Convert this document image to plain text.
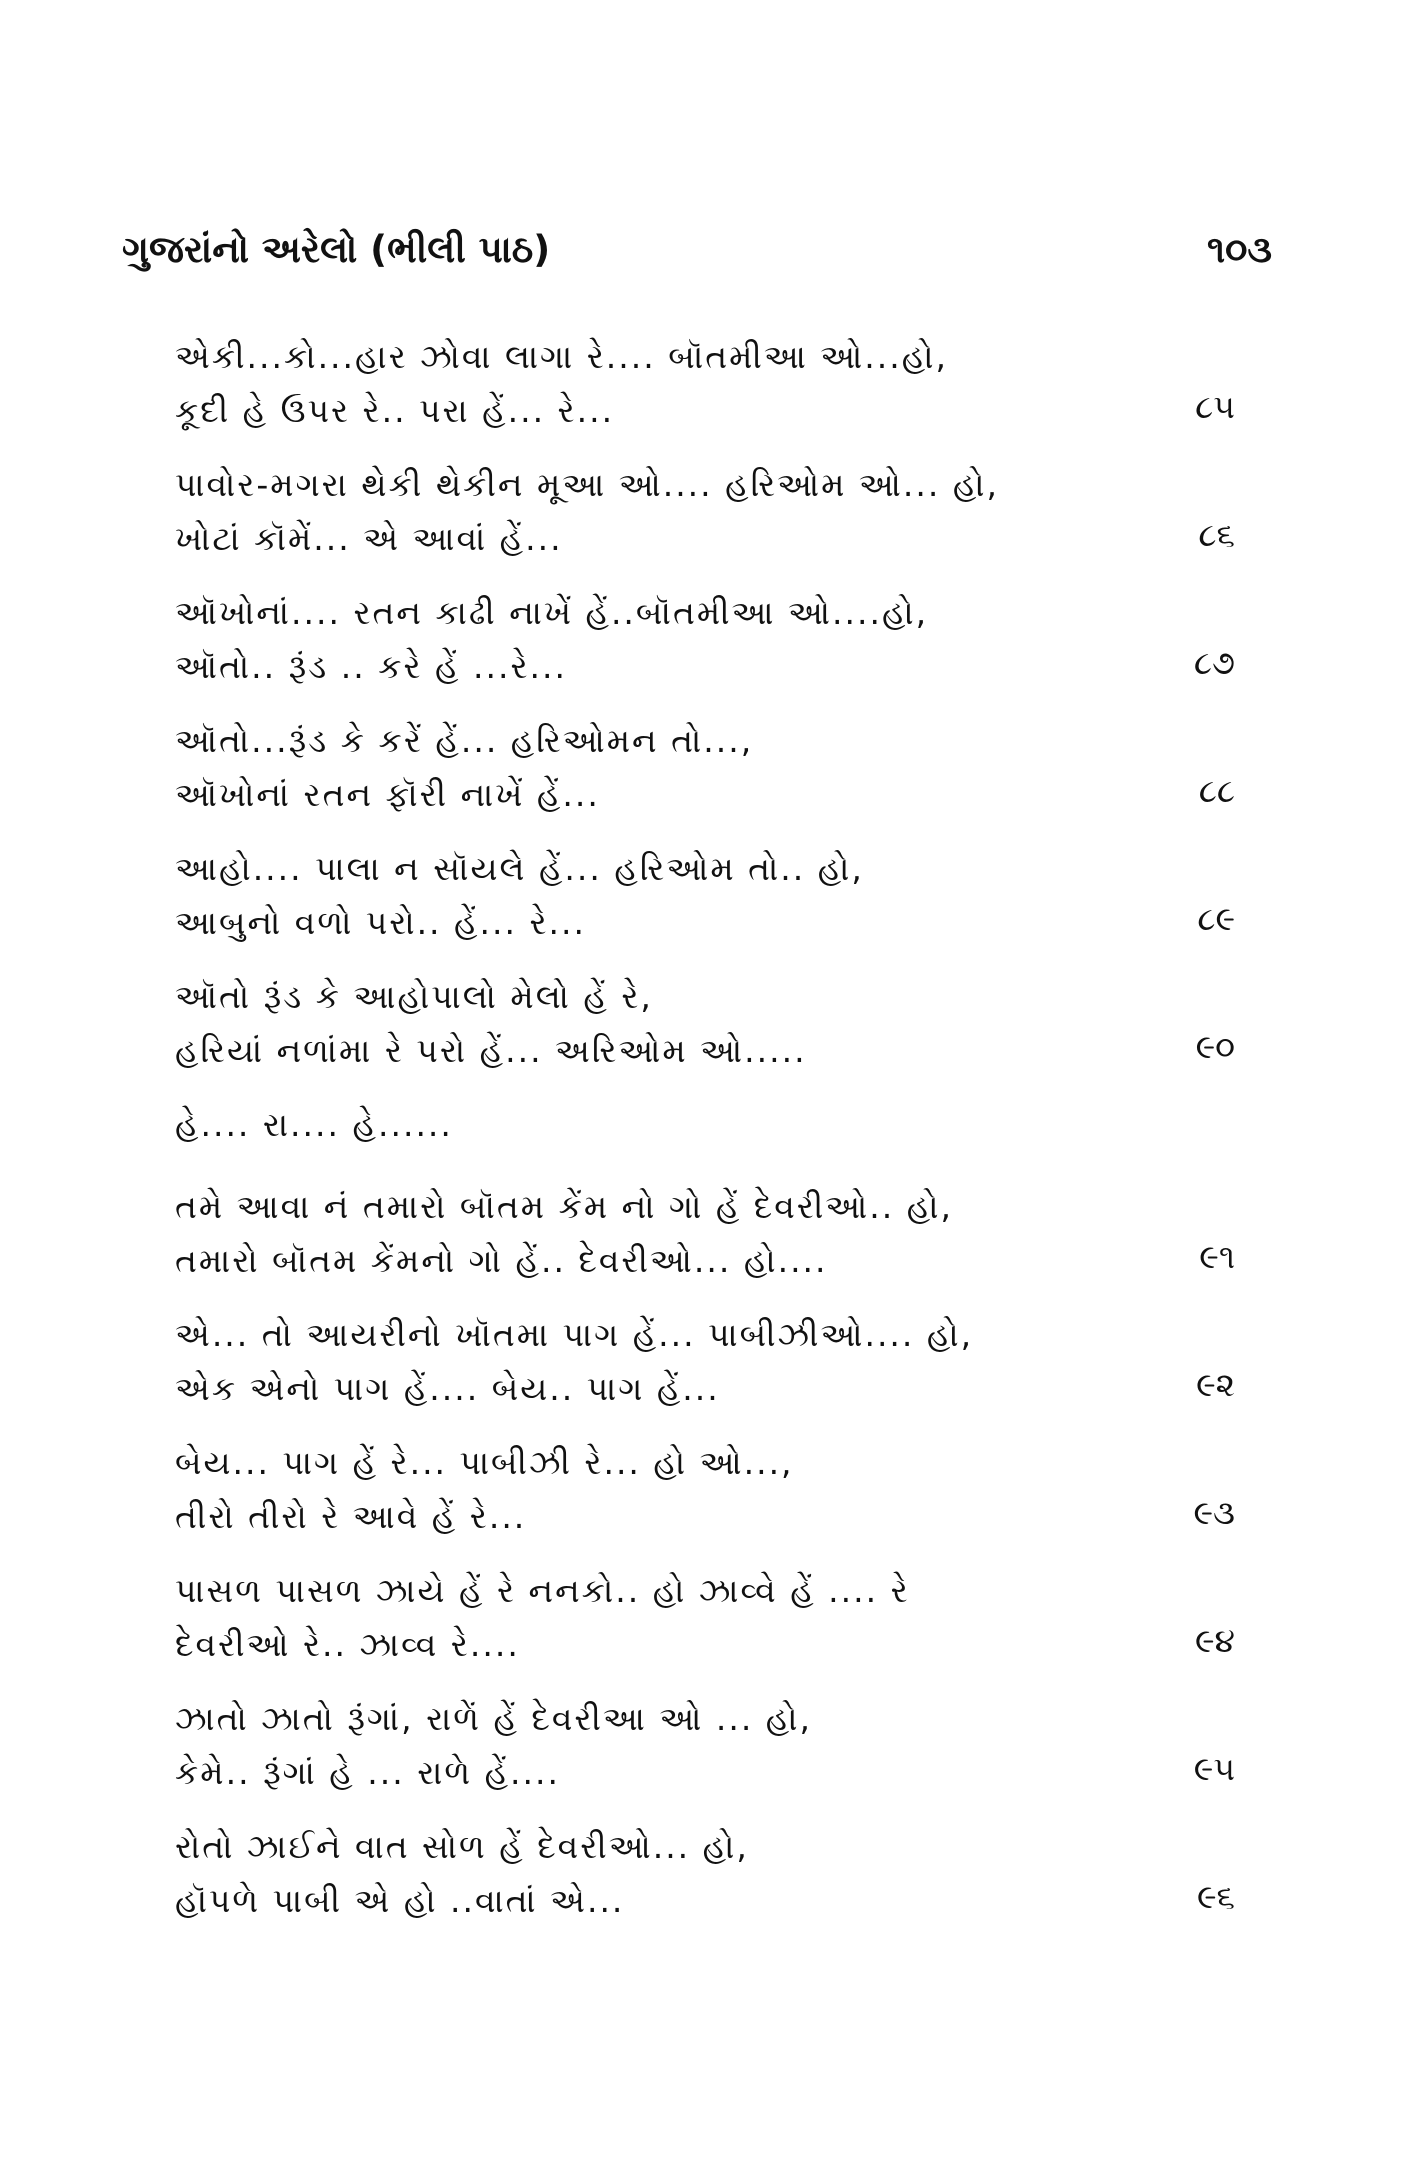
ગુજરાંનો અરેલો (ભીલી પાઠ)	૧૦૩
એકી...કો...હાર ઝોવા લાગા રે.... બૉતમીઆ ઓ...હો,
કૂદી હે ઉપર રે.. પરા હેં... રે...	૮૫
પાવોર-મગરા થેકી થેકીન મૂઆ ઓ.... હરિઓમ ઓ... હો,
ખોટાં કૉમેં... એ આવાં હેં...	૮૬
ઑખોનાં.... રતન કાઢી નાખેં હેં..બૉતમીઆ ઓ....હો,
ઑતો.. રૂંડ .. કરે હેં ...રે...	૮૭
ઑતો...રૂંડ કે કરેં હેં... હરિઓમન તો...,
ઑખોનાં રતન ફૉરી નાખેં હેં...	૮૮
આહો.... પાલા ન સૉયલે હેં... હરિઓમ તો.. હો,
આબુનો વળો પરો.. હેં... રે...	૮૯
ઑતો રૂંડ કે આહોપાલો મેલો હેં રે,
હરિયાં નળાંમા રે પરો હેં... અરિઓમ ઓ.....	૯૦
હે.... રા.... હે......
તમે આવા નં તમારો બૉતમ કેંમ નો ગો હેં દેવરીઓ.. હો,
તમારો બૉતમ કેંમનો ગો હેં.. દેવરીઓ... હો....	૯૧
એ... તો આયરીનો ખૉતમા પાગ હેં... પાબીઝીઓ.... હો,
એક એનો પાગ હેં.... બેય.. પાગ હેં...	૯૨
બેય... પાગ હેં રે... પાબીઝી રે... હો ઓ...,
તીરો તીરો રે આવે હેં રે...	૯૩
પાસળ પાસળ ઝાયે હેં રે નનકો.. હો ઝાવ્વે હેં .... રે
દેવરીઓ રે.. ઝાવ્વ રે....	૯૪
ઝાતો ઝાતો રૂંગાં, રાળેં હેં દેવરીઆ ઓ ... હો,
કેમે.. રૂંગાં હે ... રાળે હેં....	૯૫
રોતો ઝાઈને વાત સોળ હેં દેવરીઓ... હો,
હૉપળે પાબી એ હો ..વાતાં એ...	૯૬
